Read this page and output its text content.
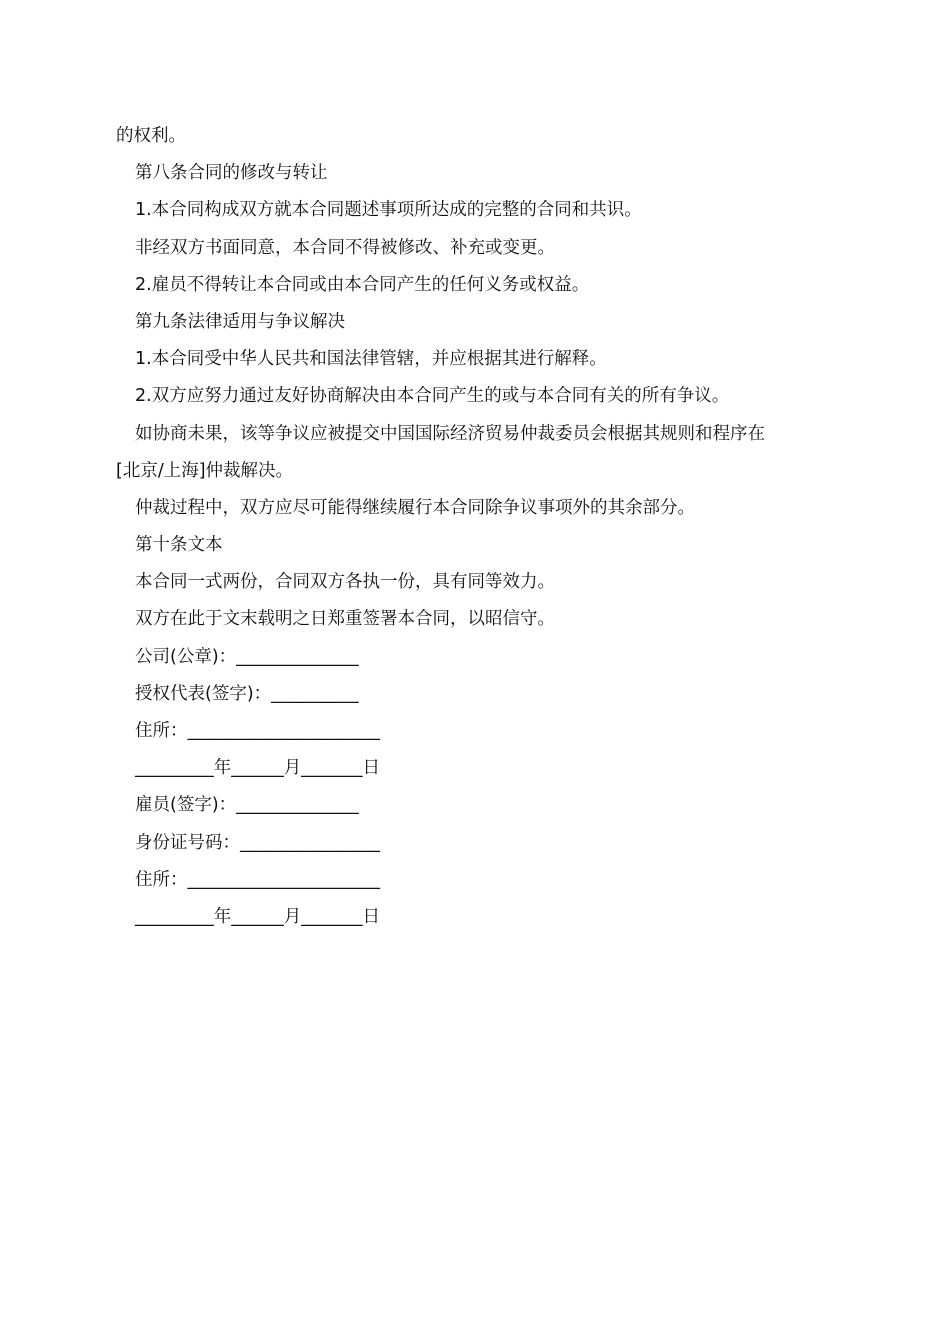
的权利。
第八条合同的修改与转让
1.本合同构成双方就本合同题述事项所达成的完整的合同和共识。
非经双方书面同意，本合同不得被修改、补充或变更。
2.雇员不得转让本合同或由本合同产生的任何义务或权益。
第九条法律适用与争议解决
1.本合同受中华人民共和国法律管辖，并应根据其进行解释。
2.双方应努力通过友好协商解决由本合同产生的或与本合同有关的所有争议。
如协商未果，该等争议应被提交中国国际经济贸易仲裁委员会根据其规则和程序在
[北京/上海]仲裁解决。
仲裁过程中，双方应尽可能得继续履行本合同除争议事项外的其余部分。
第十条文本
本合同一式两份，合同双方各执一份，具有同等效力。
双方在此于文末载明之日郑重签署本合同，以昭信守。
公司(公章)：______________
授权代表(签字)：__________
住所：______________________
_________年______月_______日
雇员(签字)：______________
身份证号码：________________
住所：______________________
_________年______月_______日
